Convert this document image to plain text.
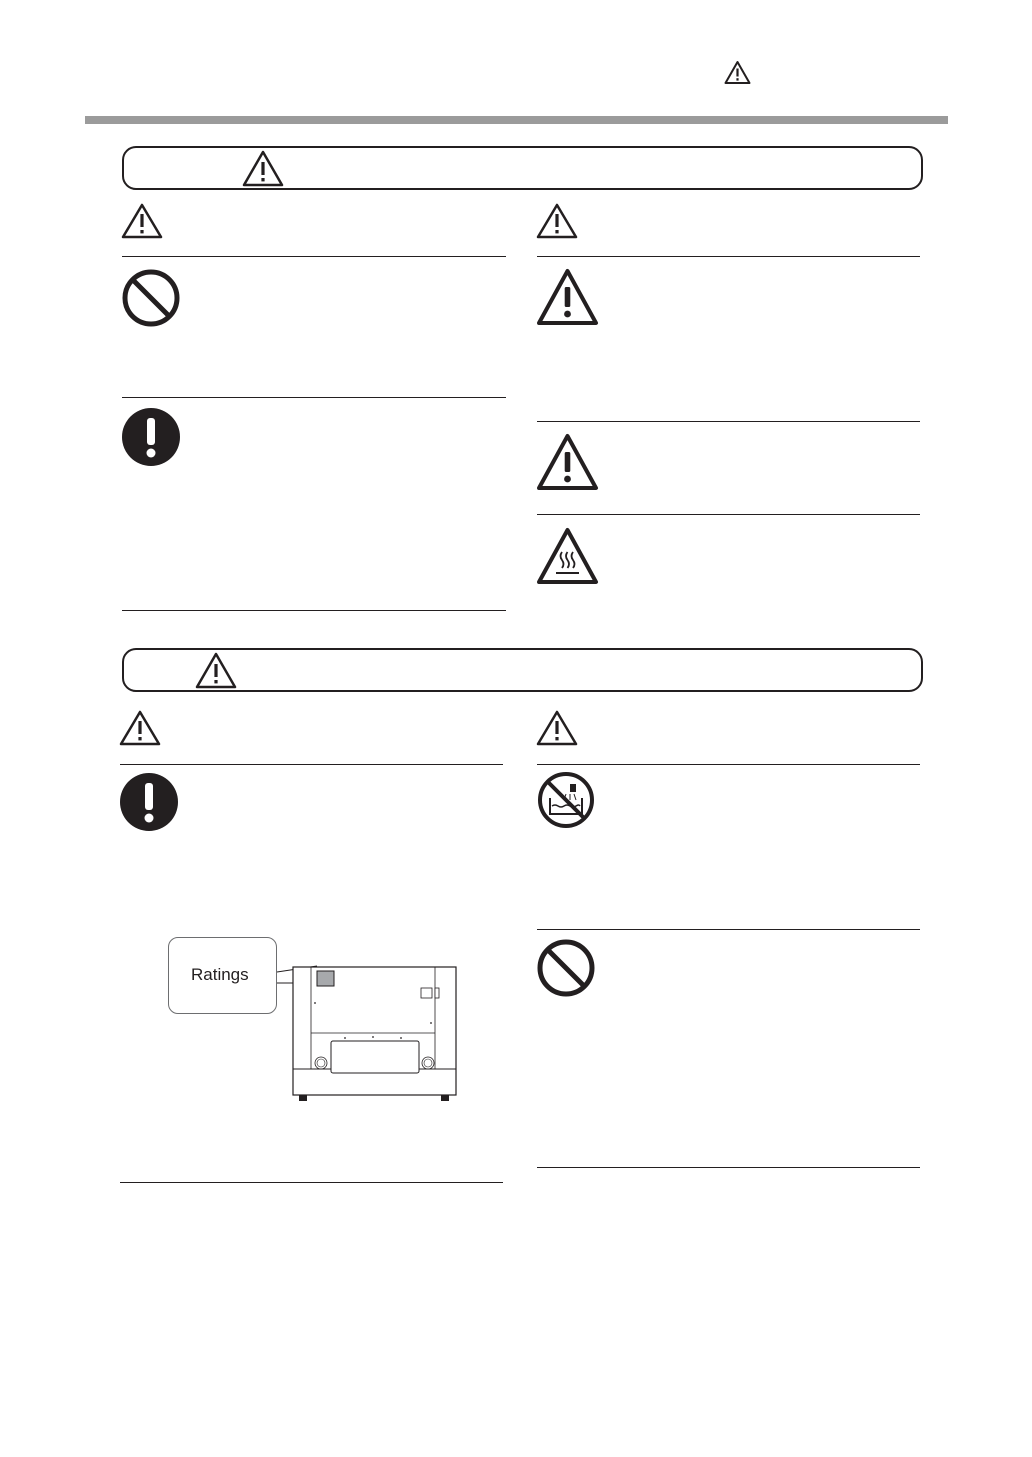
Ratings
